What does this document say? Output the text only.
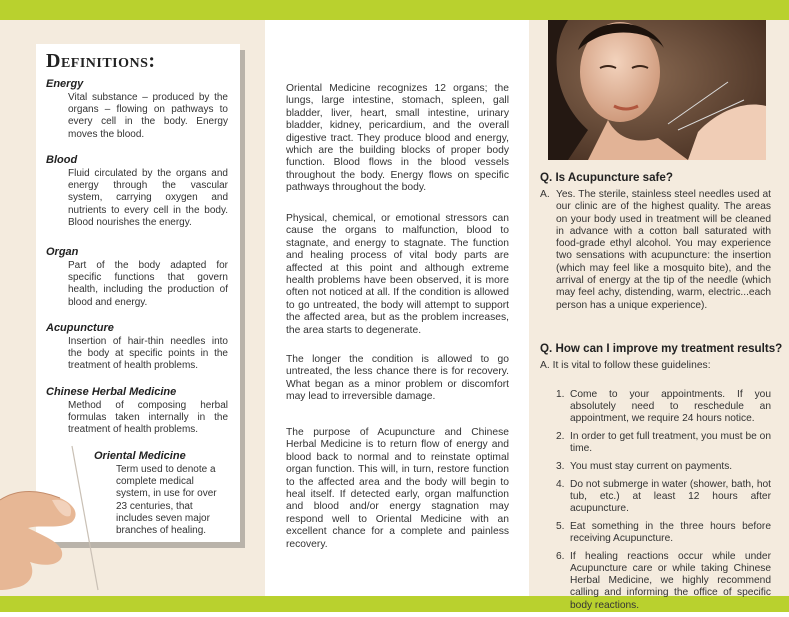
Definitions:
Energy
Vital substance – produced by the organs – flowing on pathways to every cell in the body. Energy moves the blood.
Blood
Fluid circulated by the organs and energy through the vascular system, carrying oxygen and nutrients to every cell in the body. Blood nourishes the energy.
Organ
Part of the body adapted for specific functions that govern health, including the production of blood and energy.
Acupuncture
Insertion of hair-thin needles into the body at specific points in the treatment of health problems.
Chinese Herbal Medicine
Method of composing herbal formulas taken internally in the treatment of health problems.
Oriental Medicine
Term used to denote a complete medical system, in use for over 23 centuries, that includes seven major branches of healing.
Oriental Medicine recognizes 12 organs; the lungs, large intestine, stomach, spleen, gall bladder, liver, heart, small intestine, urinary bladder, kidney, pericardium, and the overall digestive tract. They produce blood and energy, which are the building blocks of proper body function. Blood flows in the blood vessels throughout the body. Energy flows on specific pathways throughout the body.
Physical, chemical, or emotional stressors can cause the organs to malfunction, blood to stagnate, and energy to stagnate. The function and healing process of vital body parts are affected at this point and although extreme health problems have been observed, it is more often not noticed at all. If the condition is allowed to go untreated, the body will attempt to support the affected area, but as the problem increases, the area starts to degenerate.
The longer the condition is allowed to go untreated, the less chance there is for recovery. What began as a minor problem or discomfort may lead to irreversible damage.
The purpose of Acupuncture and Chinese Herbal Medicine is to return flow of energy and blood back to normal and to reinstate optimal organ function. This will, in turn, restore function to the affected area and the body will begin to heal itself. If detected early, organ malfunction and blood and/or energy stagnation may respond well to Oriental Medicine with an excellent chance for a complete and painless recovery.
Q. Is Acupuncture safe?
A. Yes. The sterile, stainless steel needles used at our clinic are of the highest quality. The areas on your body used in treatment will be cleaned in advance with a cotton ball saturated with food-grade ethyl alcohol. You may experience two sensations with acupuncture: the insertion (which may feel like a mosquito bite), and the arrival of energy at the tip of the needle (which may feel achy, distending, warm, electric...each person has a unique experience).
Q. How can I improve my treatment results?
A. It is vital to follow these guidelines:
1. Come to your appointments. If you absolutely need to reschedule an appointment, we require 24 hours notice.
2. In order to get full treatment, you must be on time.
3. You must stay current on payments.
4. Do not submerge in water (shower, bath, hot tub, etc.) at least 12 hours after acupuncture.
5. Eat something in the three hours before receiving Acupuncture.
6. If healing reactions occur while under Acupuncture care or while taking Chinese Herbal Medicine, we highly recommend calling and informing the office of specific body reactions.
